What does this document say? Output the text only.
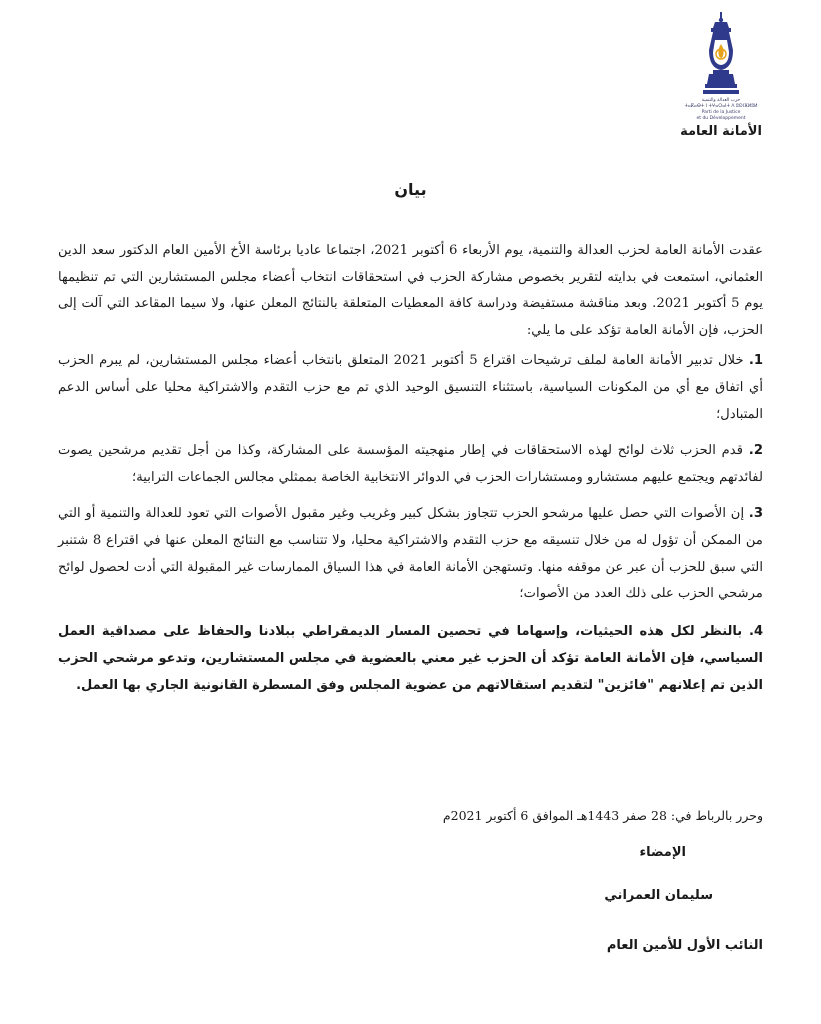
حزب العدالة والتنمية
ⵜⴰⴽⴰⴱⵜ ⵏ ⵜⵖⴰⵔⴰⵏⵜ ⴷ ⵓⵙⵏⴼⵍⵓⵍ
Parti de la Justice
et du Développement
الأمانة العامة
بيان

عقدت الأمانة العامة لحزب العدالة والتنمية، يوم الأربعاء 6 أكتوبر 2021، اجتماعا عاديا برئاسة الأخ الأمين العام الدكتور سعد الدين العثماني، استمعت في بدايته لتقرير بخصوص مشاركة الحزب في استحقاقات انتخاب أعضاء مجلس المستشارين التي تم تنظيمها يوم 5 أكتوبر 2021. وبعد مناقشة مستفيضة ودراسة كافة المعطيات المتعلقة بالنتائج المعلن عنها، ولا سيما المقاعد التي آلت إلى الحزب، فإن الأمانة العامة تؤكد على ما يلي:

1. خلال تدبير الأمانة العامة لملف ترشيحات اقتراع 5 أكتوبر 2021 المتعلق بانتخاب أعضاء مجلس المستشارين، لم يبرم الحزب أي اتفاق مع أي من المكونات السياسية، باستثناء التنسيق الوحيد الذي تم مع حزب التقدم والاشتراكية محليا على أساس الدعم المتبادل؛

2. قدم الحزب ثلاث لوائح لهذه الاستحقاقات في إطار منهجيته المؤسسة على المشاركة، وكذا من أجل تقديم مرشحين يصوت لفائدتهم ويجتمع عليهم مستشارو ومستشارات الحزب في الدوائر الانتخابية الخاصة بممثلي مجالس الجماعات الترابية؛

3. إن الأصوات التي حصل عليها مرشحو الحزب تتجاوز بشكل كبير وغريب وغير مقبول الأصوات التي تعود للعدالة والتنمية أو التي من الممكن أن تؤول له من خلال تنسيقه مع حزب التقدم والاشتراكية محليا، ولا تتناسب مع النتائج المعلن عنها في اقتراع 8 شتنبر التي سبق للحزب أن عبر عن موقفه منها. وتستهجن الأمانة العامة في هذا السياق الممارسات غير المقبولة التي أدت لحصول لوائح مرشحي الحزب على ذلك العدد من الأصوات؛

4. بالنظر لكل هذه الحيثيات، وإسهاما في تحصين المسار الديمقراطي ببلادنا والحفاظ على مصداقية العمل السياسي، فإن الأمانة العامة تؤكد أن الحزب غير معني بالعضوية في مجلس المستشارين، وتدعو مرشحي الحزب الذين تم إعلانهم "فائزين" لتقديم استقالاتهم من عضوية المجلس وفق المسطرة القانونية الجاري بها العمل.

وحرر بالرباط في: 28 صفر 1443هـ الموافق 6 أكتوبر 2021م
الإمضاء
سليمان العمراني
النائب الأول للأمين العام
